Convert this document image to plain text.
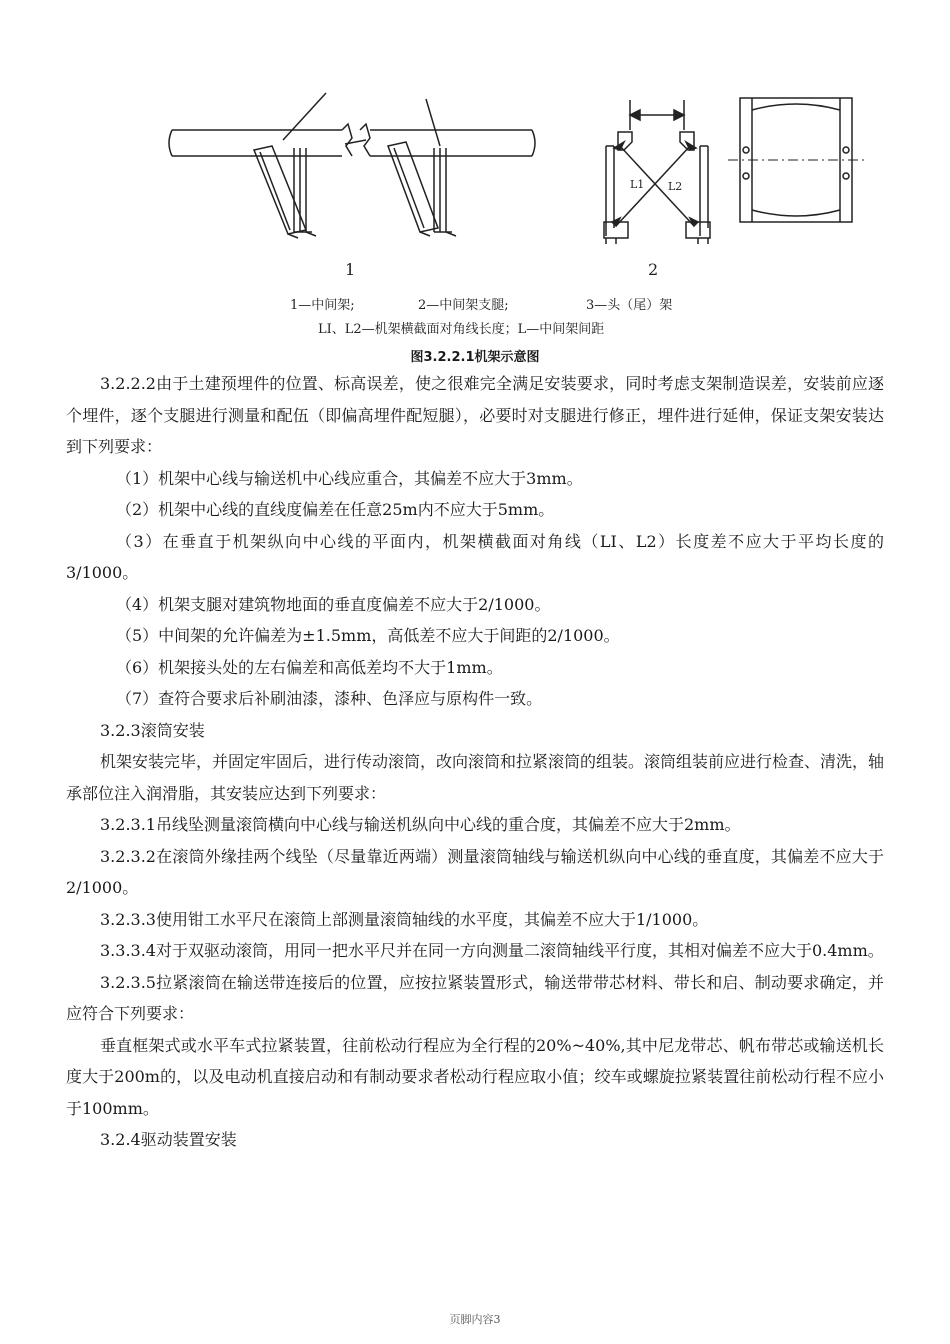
L1 L2
1	2
1—中间架;	2—中间架支腿;	3—头（尾）架
LI、L2—机架横截面对角线长度；L—中间架间距
图3.2.2.1机架示意图

3.2.2.2由于土建预埋件的位置、标高误差，使之很难完全满足安装要求，同时考虑支架制造误差，安装前应逐个埋件，逐个支腿进行测量和配伍（即偏高埋件配短腿），必要时对支腿进行修正，埋件进行延伸，保证支架安装达到下列要求：

（1）机架中心线与输送机中心线应重合，其偏差不应大于3mm。

（2）机架中心线的直线度偏差在任意25m内不应大于5mm。

（3）在垂直于机架纵向中心线的平面内，机架横截面对角线（LI、L2）长度差不应大于平均长度的3/1000。

（4）机架支腿对建筑物地面的垂直度偏差不应大于2/1000。

（5）中间架的允许偏差为±1.5mm，高低差不应大于间距的2/1000。

（6）机架接头处的左右偏差和高低差均不大于1mm。

（7）查符合要求后补刷油漆，漆种、色泽应与原构件一致。

3.2.3滚筒安装

机架安装完毕，并固定牢固后，进行传动滚筒，改向滚筒和拉紧滚筒的组装。滚筒组装前应进行检查、清洗，轴承部位注入润滑脂，其安装应达到下列要求：

3.2.3.1吊线坠测量滚筒横向中心线与输送机纵向中心线的重合度，其偏差不应大于2mm。

3.2.3.2在滚筒外缘挂两个线坠（尽量靠近两端）测量滚筒轴线与输送机纵向中心线的垂直度，其偏差不应大于2/1000。

3.2.3.3使用钳工水平尺在滚筒上部测量滚筒轴线的水平度，其偏差不应大于1/1000。

3.3.3.4对于双驱动滚筒，用同一把水平尺并在同一方向测量二滚筒轴线平行度，其相对偏差不应大于0.4mm。

3.2.3.5拉紧滚筒在输送带连接后的位置，应按拉紧装置形式，输送带带芯材料、带长和启、制动要求确定，并应符合下列要求：

垂直框架式或水平车式拉紧装置，往前松动行程应为全行程的20%~40%,其中尼龙带芯、帆布带芯或输送机长度大于200m的，以及电动机直接启动和有制动要求者松动行程应取小值；绞车或螺旋拉紧装置往前松动行程不应小于100mm。

3.2.4驱动装置安装

页脚内容3
